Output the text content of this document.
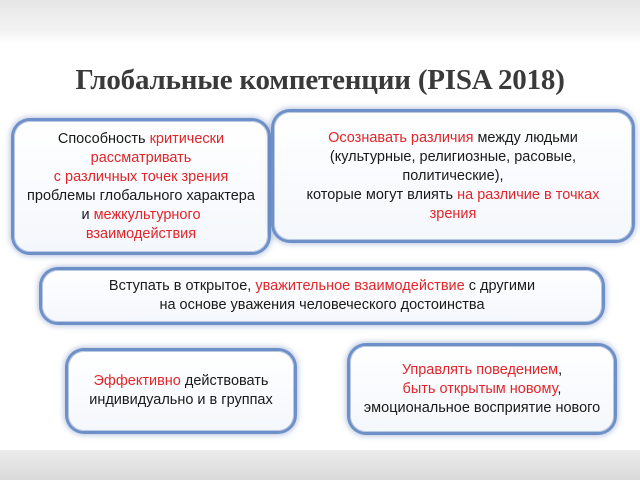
Глобальные компетенции (PISA 2018)
Способность критически
рассматривать
с различных точек зрения
проблемы глобального характера
и межкультурного
взаимодействия
Осознавать различия между людьми
(культурные, религиозные, расовые,
политические),
которые могут влиять на различие в точках
зрения
Вступать в открытое, уважительное взаимодействие с другими
на основе уважения человеческого достоинства
Эффективно действовать
индивидуально и в группах
Управлять поведением,
быть открытым новому,
эмоциональное восприятие нового
